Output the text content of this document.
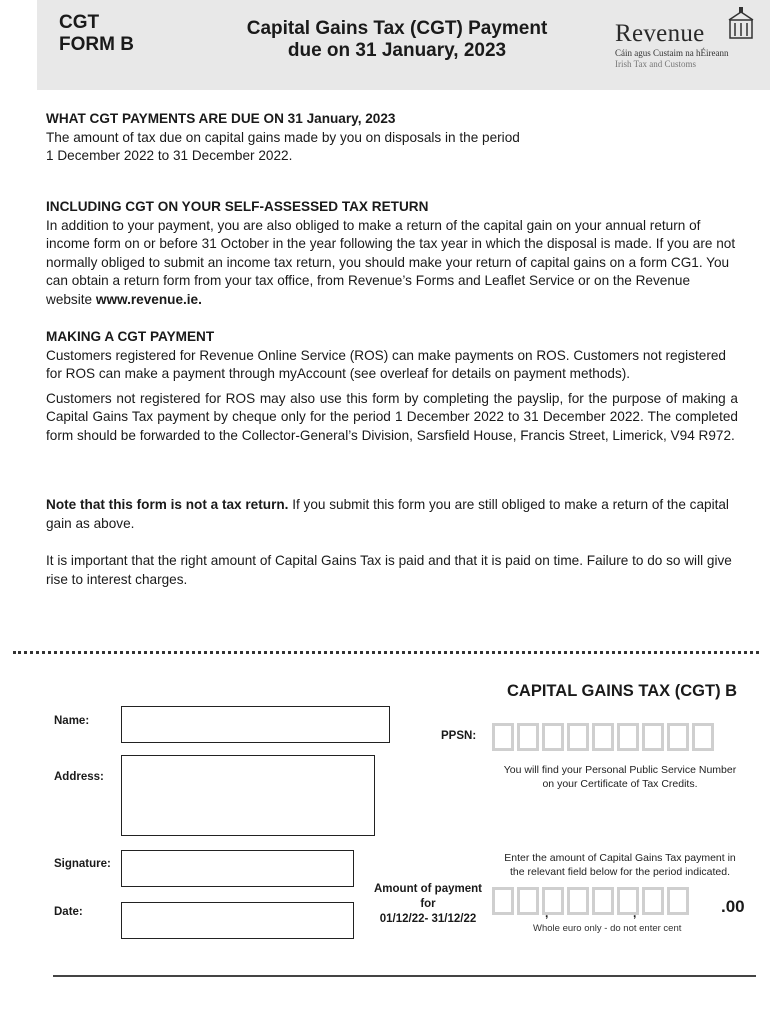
CGT
FORM B
Capital Gains Tax (CGT) Payment
due on 31 January, 2023
Revenue
Cáin agus Custaim na hÉireann
Irish Tax and Customs
WHAT CGT PAYMENTS ARE DUE ON 31 January, 2023

The amount of tax due on capital gains made by you on disposals in the period

1 December 2022 to 31 December 2022.

INCLUDING CGT ON YOUR SELF-ASSESSED TAX RETURN

In addition to your payment, you are also obliged to make a return of the capital gain on your annual return of income form on or before 31 October in the year following the tax year in which the disposal is made. If you are not normally obliged to submit an income tax return, you should make your return of capital gains on a form CG1. You can obtain a return form from your tax office, from Revenue’s Forms and Leaflet Service or on the Revenue website www.revenue.ie.

MAKING A CGT PAYMENT

Customers registered for Revenue Online Service (ROS) can make payments on ROS. Customers not registered for ROS can make a payment through myAccount (see overleaf for details on payment methods).

Customers not registered for ROS may also use this form by completing the payslip, for the purpose of making a Capital Gains Tax payment by cheque only for the period 1 December 2022 to 31 December 2022. The completed form should be forwarded to the Collector-General’s Division, Sarsfield House, Francis Street, Limerick, V94 R972.

Note that this form is not a tax return. If you submit this form you are still obliged to make a return of the capital gain as above.

It is important that the right amount of Capital Gains Tax is paid and that it is paid on time. Failure to do so will give rise to interest charges.

CAPITAL GAINS TAX (CGT) B
Name:
Address:
PPSN:
You will find your Personal Public Service Number
on your Certificate of Tax Credits.
Signature:
Date:
Enter the amount of Capital Gains Tax payment in
the relevant field below for the period indicated.
Amount of payment
for
01/12/22- 31/12/22	,	,	.00
Whole euro only - do not enter cent
